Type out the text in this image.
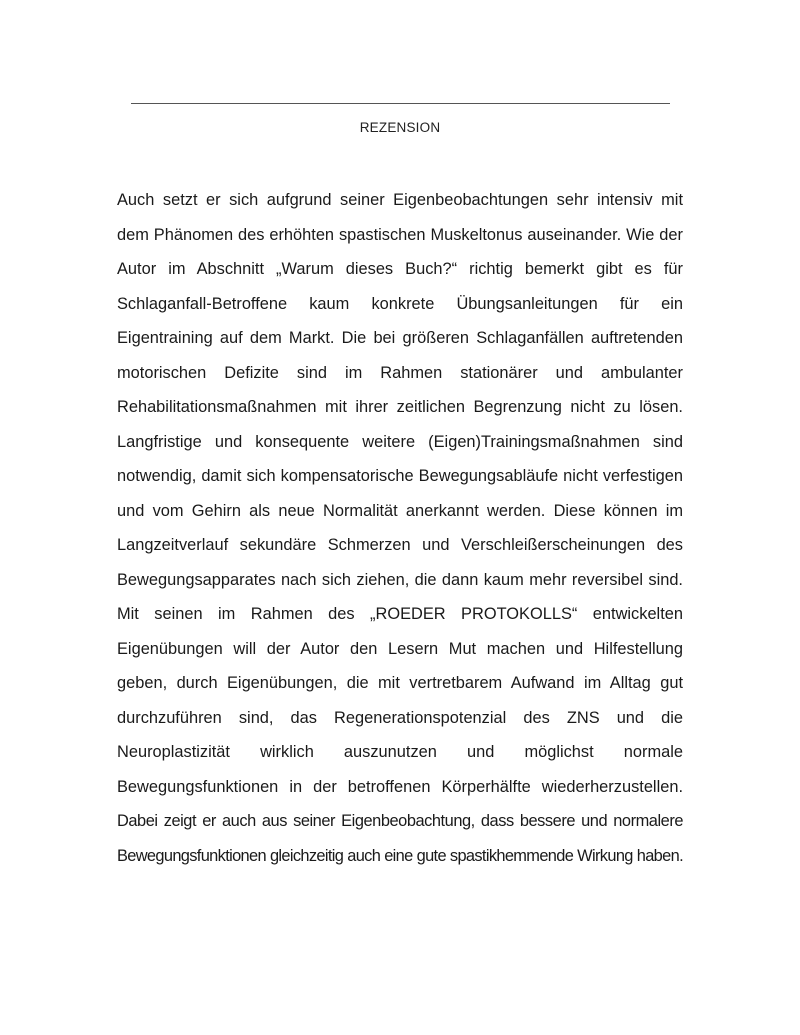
REZENSION
Auch setzt er sich aufgrund seiner Eigenbeobachtungen sehr intensiv mit
dem Phänomen des erhöhten spastischen Muskeltonus auseinander. Wie der
Autor im Abschnitt „Warum dieses Buch?“ richtig bemerkt gibt es für
Schlaganfall-Betroffene kaum konkrete Übungsanleitungen für ein
Eigentraining auf dem Markt. Die bei größeren Schlaganfällen auftretenden
motorischen Defizite sind im Rahmen stationärer und ambulanter
Rehabilitationsmaßnahmen mit ihrer zeitlichen Begrenzung nicht zu lösen.
Langfristige und konsequente weitere (Eigen)Trainingsmaßnahmen sind
notwendig, damit sich kompensatorische Bewegungsabläufe nicht verfestigen
und vom Gehirn als neue Normalität anerkannt werden. Diese können im
Langzeitverlauf sekundäre Schmerzen und Verschleißerscheinungen des
Bewegungsapparates nach sich ziehen, die dann kaum mehr reversibel sind.
Mit seinen im Rahmen des „ROEDER PROTOKOLLS“ entwickelten
Eigenübungen will der Autor den Lesern Mut machen und Hilfestellung
geben, durch Eigenübungen, die mit vertretbarem Aufwand im Alltag gut
durchzuführen sind, das Regenerationspotenzial des ZNS und die
Neuroplastizität wirklich auszunutzen und möglichst normale
Bewegungsfunktionen in der betroffenen Körperhälfte wiederherzustellen.
Dabei zeigt er auch aus seiner Eigenbeobachtung, dass bessere und normalere
Bewegungsfunktionen gleichzeitig auch eine gute spastikhemmende Wirkung haben.
